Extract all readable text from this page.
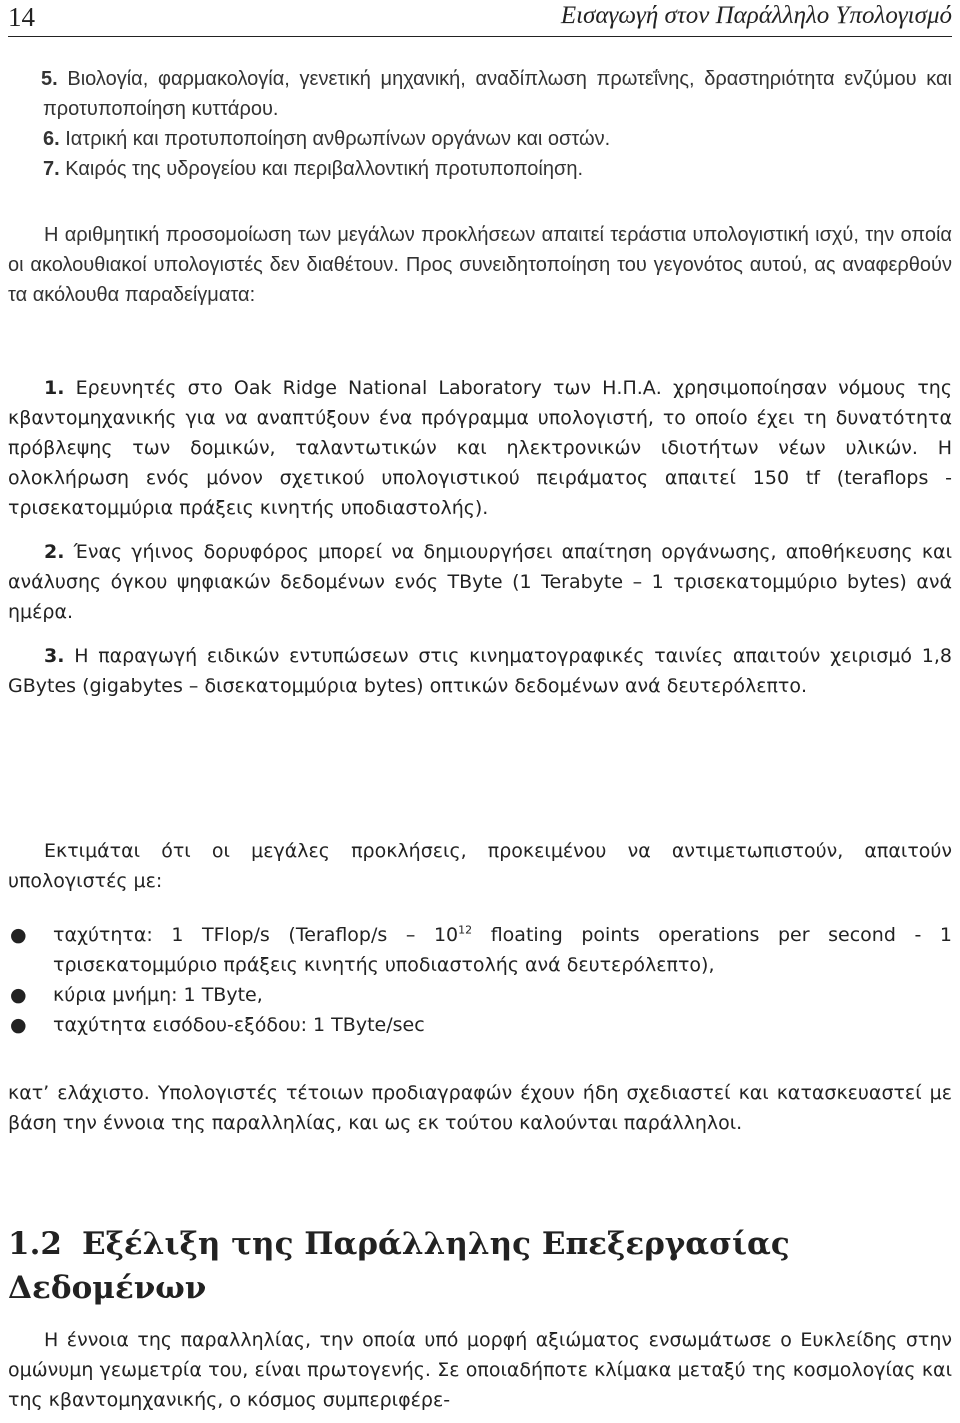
14	Εισαγωγή στον Παράλληλο Υπολογισμό

5. Βιολογία, φαρμακολογία, γενετική μηχανική, αναδίπλωση πρωτεΐνης, δραστηριότητα ενζύμου και προτυποποίηση κυττάρου.

6. Ιατρική και προτυποποίηση ανθρωπίνων οργάνων και οστών.

7. Καιρός της υδρογείου και περιβαλλοντική προτυποποίηση.

Η αριθμητική προσομοίωση των μεγάλων προκλήσεων απαιτεί τεράστια υπολογιστική ισχύ, την οποία οι ακολουθιακοί υπολογιστές δεν διαθέτουν. Προς συνειδητοποίηση του γεγονότος αυτού, ας αναφερθούν τα ακόλουθα παραδείγματα:

1. Ερευνητές στο Oak Ridge National Laboratory των Η.Π.Α. χρησιμοποίησαν νόμους της κβαντομηχανικής για να αναπτύξουν ένα πρόγραμμα υπολογιστή, το οποίο έχει τη δυνατότητα πρόβλεψης των δομικών, ταλαντωτικών και ηλεκτρονικών ιδιοτήτων νέων υλικών. Η ολοκλήρωση ενός μόνον σχετικού υπολογιστικού πειράματος απαιτεί 150 tf (teraflops - τρισεκατομμύρια πράξεις κινητής υποδιαστολής).

2. Ένας γήινος δορυφόρος μπορεί να δημιουργήσει απαίτηση οργάνωσης, αποθήκευσης και ανάλυσης όγκου ψηφιακών δεδομένων ενός TByte (1 Terabyte – 1 τρισεκατομμύριο bytes) ανά ημέρα.

3. Η παραγωγή ειδικών εντυπώσεων στις κινηματογραφικές ταινίες απαιτούν χειρισμό 1,8 GBytes (gigabytes – δισεκατομμύρια bytes) οπτικών δεδομένων ανά δευτερόλεπτο.

Εκτιμάται ότι οι μεγάλες προκλήσεις, προκειμένου να αντιμετωπιστούν, απαιτούν υπολογιστές με:

● ταχύτητα: 1 TFlop/s (Teraflop/s – $10^{12}$ floating points operations per second - 1 τρισεκατομμύριο πράξεις κινητής υποδιαστολής ανά δευτερόλεπτο),
● κύρια μνήμη: 1 TByte,
● ταχύτητα εισόδου-εξόδου: 1 TByte/sec

κατ’ ελάχιστο. Υπολογιστές τέτοιων προδιαγραφών έχουν ήδη σχεδιαστεί και κατασκευαστεί με βάση την έννοια της παραλληλίας, και ως εκ τούτου καλούνται παράλληλοι.

1.2 Εξέλιξη της Παράλληλης Επεξεργασίας Δεδομένων

Η έννοια της παραλληλίας, την οποία υπό μορφή αξιώματος ενσωμάτωσε ο Ευκλείδης στην ομώνυμη γεωμετρία του, είναι πρωτογενής. Σε οποιαδήποτε κλίμακα μεταξύ της κοσμολογίας και της κβαντομηχανικής, ο κόσμος συμπεριφέρε-
